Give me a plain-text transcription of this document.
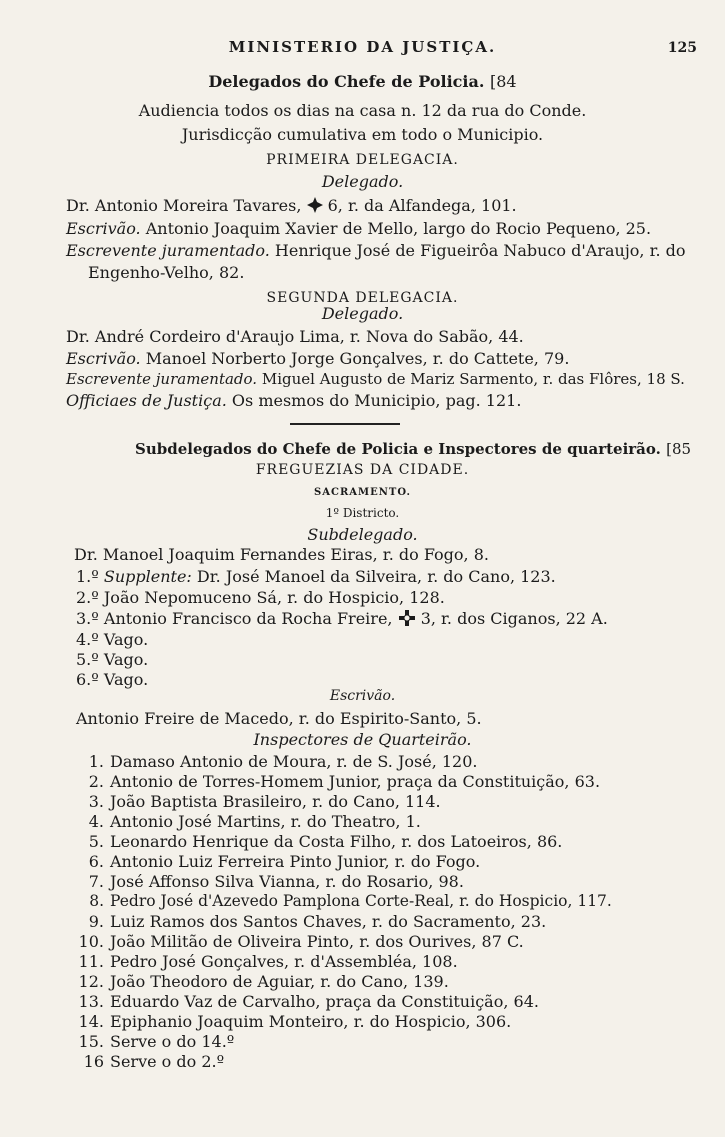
MINISTERIO DA JUSTIÇA.	125
Delegados do Chefe de Policia. [84
Audiencia todos os dias na casa n. 12 da rua do Conde.
Jurisdicção cumulativa em todo o Municipio.
PRIMEIRA DELEGACIA.
Delegado.
Dr. Antonio Moreira Tavares, 6, r. da Alfandega, 101.
Escrivão. Antonio Joaquim Xavier de Mello, largo do Rocio Pequeno, 25.
Escrevente juramentado. Henrique José de Figueirôa Nabuco d'Araujo, r. do
Engenho-Velho, 82.
SEGUNDA DELEGACIA.
Delegado.
Dr. André Cordeiro d'Araujo Lima, r. Nova do Sabão, 44.
Escrivão. Manoel Norberto Jorge Gonçalves, r. do Cattete, 79.
Escrevente juramentado. Miguel Augusto de Mariz Sarmento, r. das Flôres, 18 S.
Officiaes de Justiça. Os mesmos do Municipio, pag. 121.
Subdelegados do Chefe de Policia e Inspectores de quarteirão. [85
FREGUEZIAS DA CIDADE.
SACRAMENTO.
1º Districto.
Subdelegado.
Dr. Manoel Joaquim Fernandes Eiras, r. do Fogo, 8.
1.º Supplente: Dr. José Manoel da Silveira, r. do Cano, 123.
2.º João Nepomuceno Sá, r. do Hospicio, 128.
3.º Antonio Francisco da Rocha Freire, 3, r. dos Ciganos, 22 A.
4.º Vago.
5.º Vago.
6.º Vago.
Escrivão.
Antonio Freire de Macedo, r. do Espirito-Santo, 5.
Inspectores de Quarteirão.
1. Damaso Antonio de Moura, r. de S. José, 120.
2. Antonio de Torres-Homem Junior, praça da Constituição, 63.
3. João Baptista Brasileiro, r. do Cano, 114.
4. Antonio José Martins, r. do Theatro, 1.
5. Leonardo Henrique da Costa Filho, r. dos Latoeiros, 86.
6. Antonio Luiz Ferreira Pinto Junior, r. do Fogo.
7. José Affonso Silva Vianna, r. do Rosario, 98.
8. Pedro José d'Azevedo Pamplona Corte-Real, r. do Hospicio, 117.
9. Luiz Ramos dos Santos Chaves, r. do Sacramento, 23.
10. João Militão de Oliveira Pinto, r. dos Ourives, 87 C.
11. Pedro José Gonçalves, r. d'Assembléa, 108.
12. João Theodoro de Aguiar, r. do Cano, 139.
13. Eduardo Vaz de Carvalho, praça da Constituição, 64.
14. Epiphanio Joaquim Monteiro, r. do Hospicio, 306.
15. Serve o do 14.º
16 Serve o do 2.º
